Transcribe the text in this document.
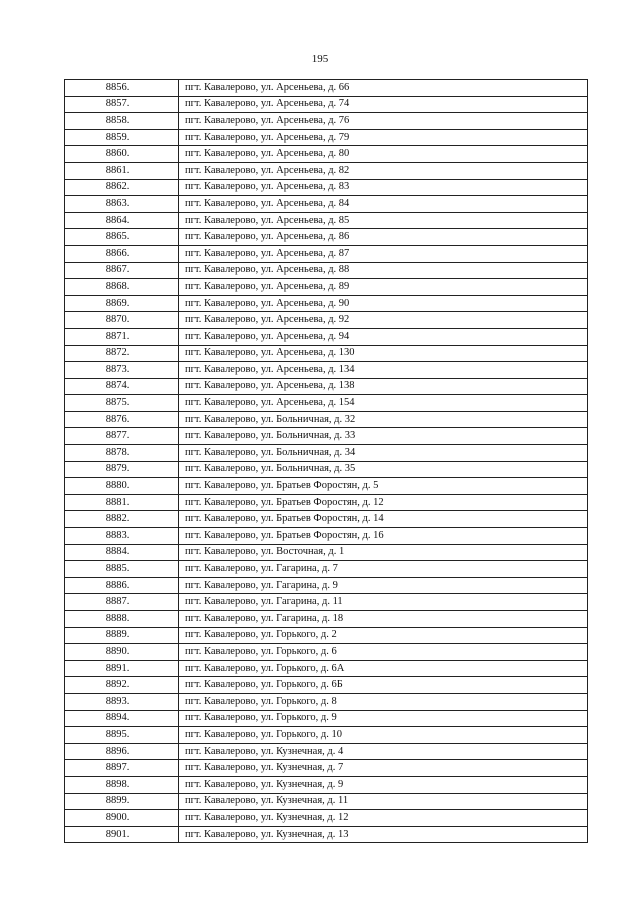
195
8856.	пгт. Кавалерово, ул. Арсеньева, д. 66
8857.	пгт. Кавалерово, ул. Арсеньева, д. 74
8858.	пгт. Кавалерово, ул. Арсеньева, д. 76
8859.	пгт. Кавалерово, ул. Арсеньева, д. 79
8860.	пгт. Кавалерово, ул. Арсеньева, д. 80
8861.	пгт. Кавалерово, ул. Арсеньева, д. 82
8862.	пгт. Кавалерово, ул. Арсеньева, д. 83
8863.	пгт. Кавалерово, ул. Арсеньева, д. 84
8864.	пгт. Кавалерово, ул. Арсеньева, д. 85
8865.	пгт. Кавалерово, ул. Арсеньева, д. 86
8866.	пгт. Кавалерово, ул. Арсеньева, д. 87
8867.	пгт. Кавалерово, ул. Арсеньева, д. 88
8868.	пгт. Кавалерово, ул. Арсеньева, д. 89
8869.	пгт. Кавалерово, ул. Арсеньева, д. 90
8870.	пгт. Кавалерово, ул. Арсеньева, д. 92
8871.	пгт. Кавалерово, ул. Арсеньева, д. 94
8872.	пгт. Кавалерово, ул. Арсеньева, д. 130
8873.	пгт. Кавалерово, ул. Арсеньева, д. 134
8874.	пгт. Кавалерово, ул. Арсеньева, д. 138
8875.	пгт. Кавалерово, ул. Арсеньева, д. 154
8876.	пгт. Кавалерово, ул. Больничная, д. 32
8877.	пгт. Кавалерово, ул. Больничная, д. 33
8878.	пгт. Кавалерово, ул. Больничная, д. 34
8879.	пгт. Кавалерово, ул. Больничная, д. 35
8880.	пгт. Кавалерово, ул. Братьев Форостян, д. 5
8881.	пгт. Кавалерово, ул. Братьев Форостян, д. 12
8882.	пгт. Кавалерово, ул. Братьев Форостян, д. 14
8883.	пгт. Кавалерово, ул. Братьев Форостян, д. 16
8884.	пгт. Кавалерово, ул. Восточная, д. 1
8885.	пгт. Кавалерово, ул. Гагарина, д. 7
8886.	пгт. Кавалерово, ул. Гагарина, д. 9
8887.	пгт. Кавалерово, ул. Гагарина, д. 11
8888.	пгт. Кавалерово, ул. Гагарина, д. 18
8889.	пгт. Кавалерово, ул. Горького, д. 2
8890.	пгт. Кавалерово, ул. Горького, д. 6
8891.	пгт. Кавалерово, ул. Горького, д. 6А
8892.	пгт. Кавалерово, ул. Горького, д. 6Б
8893.	пгт. Кавалерово, ул. Горького, д. 8
8894.	пгт. Кавалерово, ул. Горького, д. 9
8895.	пгт. Кавалерово, ул. Горького, д. 10
8896.	пгт. Кавалерово, ул. Кузнечная, д. 4
8897.	пгт. Кавалерово, ул. Кузнечная, д. 7
8898.	пгт. Кавалерово, ул. Кузнечная, д. 9
8899.	пгт. Кавалерово, ул. Кузнечная, д. 11
8900.	пгт. Кавалерово, ул. Кузнечная, д. 12
8901.	пгт. Кавалерово, ул. Кузнечная, д. 13
